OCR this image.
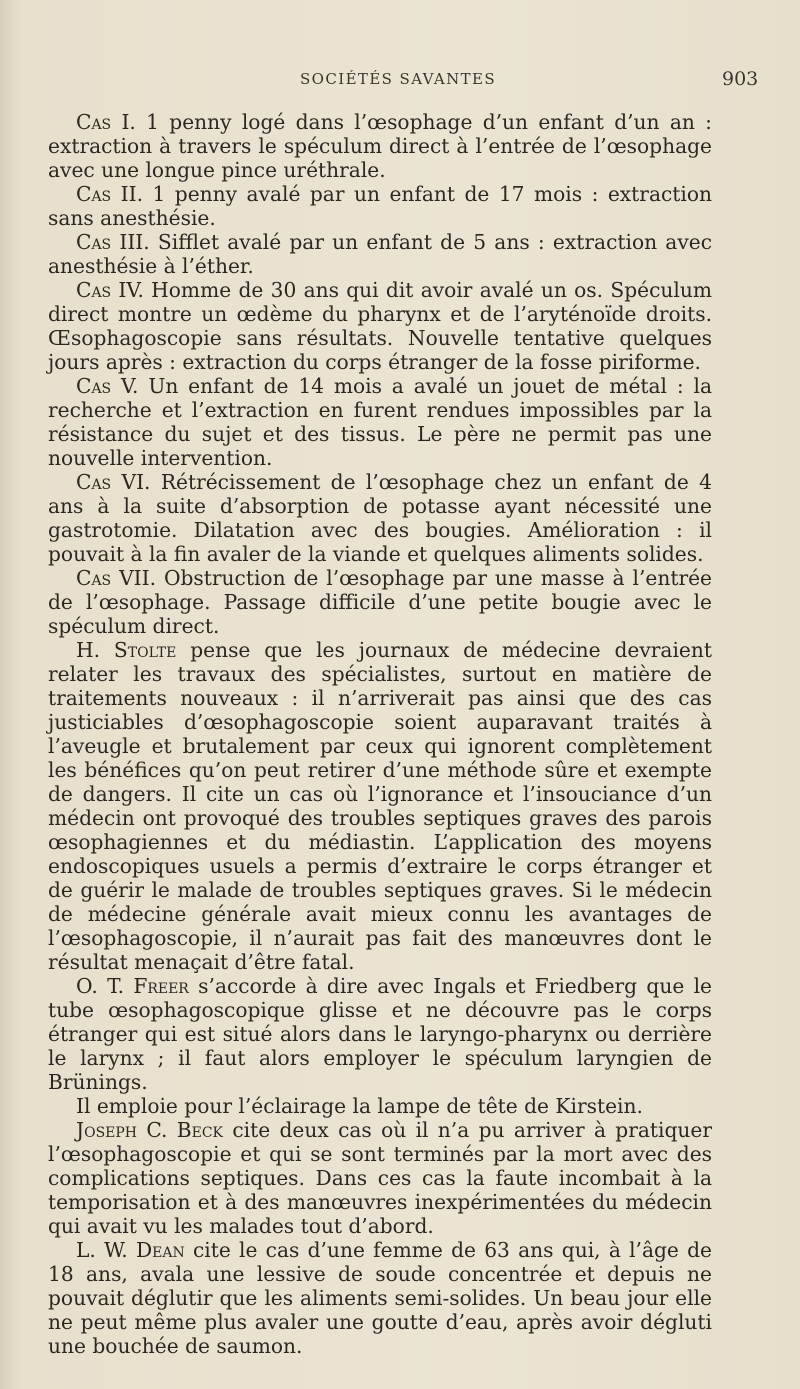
SOCIÉTÉS SAVANTES	903

Cas I. 1 penny logé dans l’œsophage d’un enfant d’un an : extraction à travers le spéculum direct à l’entrée de l’œsophage avec une longue pince uréthrale.

Cas II. 1 penny avalé par un enfant de 17 mois : extraction sans anesthésie.

Cas III. Sifflet avalé par un enfant de 5 ans : extraction avec anesthésie à l’éther.

Cas IV. Homme de 30 ans qui dit avoir avalé un os. Spéculum direct montre un œdème du pharynx et de l’aryténoïde droits. Œsophagoscopie sans résultats. Nouvelle tentative quelques jours après : extraction du corps étranger de la fosse piriforme.

Cas V. Un enfant de 14 mois a avalé un jouet de métal : la recherche et l’extraction en furent rendues impossibles par la résistance du sujet et des tissus. Le père ne permit pas une nouvelle intervention.

Cas VI. Rétrécissement de l’œsophage chez un enfant de 4 ans à la suite d’absorption de potasse ayant nécessité une gastrotomie. Dilatation avec des bougies. Amélioration : il pouvait à la fin avaler de la viande et quelques aliments solides.

Cas VII. Obstruction de l’œsophage par une masse à l’entrée de l’œsophage. Passage difficile d’une petite bougie avec le spéculum direct.

H. Stolte pense que les journaux de médecine devraient relater les travaux des spécialistes, surtout en matière de traitements nouveaux : il n’arriverait pas ainsi que des cas justiciables d’œsophagoscopie soient auparavant traités à l’aveugle et brutalement par ceux qui ignorent complètement les bénéfices qu’on peut retirer d’une méthode sûre et exempte de dangers. Il cite un cas où l’ignorance et l’insouciance d’un médecin ont provoqué des troubles septiques graves des parois œsophagiennes et du médiastin. L’application des moyens endoscopiques usuels a permis d’extraire le corps étranger et de guérir le malade de troubles septiques graves. Si le médecin de médecine générale avait mieux connu les avantages de l’œsophagoscopie, il n’aurait pas fait des manœuvres dont le résultat menaçait d’être fatal.

O. T. Freer s’accorde à dire avec Ingals et Friedberg que le tube œsophagoscopique glisse et ne découvre pas le corps étranger qui est situé alors dans le laryngo-pharynx ou derrière le larynx ; il faut alors employer le spéculum laryngien de Brünings.

Il emploie pour l’éclairage la lampe de tête de Kirstein.

Joseph C. Beck cite deux cas où il n’a pu arriver à pratiquer l’œsophagoscopie et qui se sont terminés par la mort avec des complications septiques. Dans ces cas la faute incombait à la temporisation et à des manœuvres inexpérimentées du médecin qui avait vu les malades tout d’abord.

L. W. Dean cite le cas d’une femme de 63 ans qui, à l’âge de 18 ans, avala une lessive de soude concentrée et depuis ne pouvait déglutir que les aliments semi-solides. Un beau jour elle ne peut même plus avaler une goutte d’eau, après avoir dégluti une bouchée de saumon.
